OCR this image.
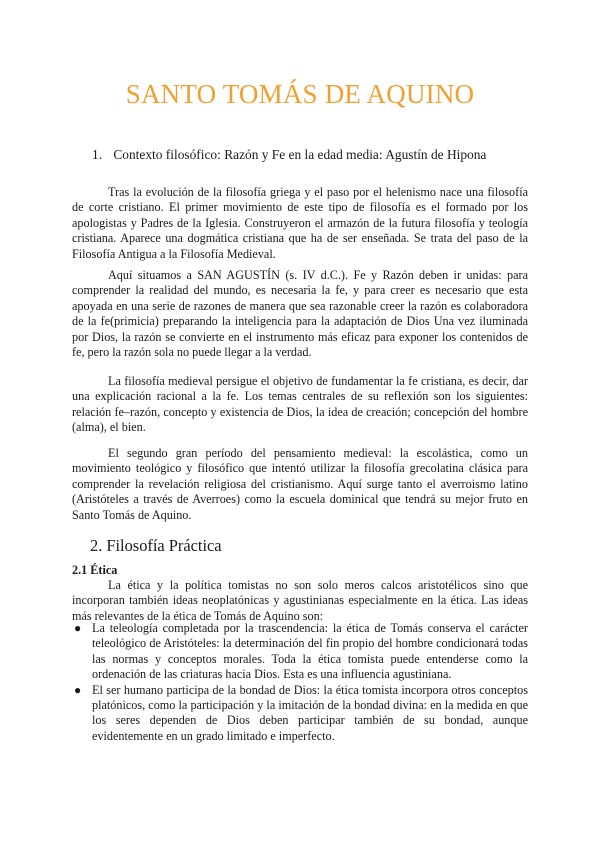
SANTO TOMÁS DE AQUINO
1. Contexto filosófico: Razón y Fe en la edad media: Agustín de Hipona

Tras la evolución de la filosofía griega y el paso por el helenismo nace una filosofía de corte cristiano. El primer movimiento de este tipo de filosofía es el formado por los apologistas y Padres de la Iglesia. Construyeron el armazón de la futura filosofía y teología cristiana. Aparece una dogmática cristiana que ha de ser enseñada. Se trata del paso de la Filosofía Antigua a la Filosofía Medieval.

Aquí situamos a SAN AGUSTÍN (s. IV d.C.). Fe y Razón deben ir unidas: para comprender la realidad del mundo, es necesaria la fe, y para creer es necesario que esta apoyada en una serie de razones de manera que sea razonable creer la razón es colaboradora de la fe(primicia) preparando la inteligencia para la adaptación de Dios Una vez iluminada por Dios, la razón se convierte en el instrumento más eficaz para exponer los contenidos de fe, pero la razón sola no puede llegar a la verdad.

La filosofía medieval persigue el objetivo de fundamentar la fe cristiana, es decir, dar una explicación racional a la fe. Los temas centrales de su reflexión son los siguientes: relación fe–razón, concepto y existencia de Dios, la idea de creación; concepción del hombre (alma), el bien.

El segundo gran período del pensamiento medieval: la escolástica, como un movimiento teológico y filosófico que intentó utilizar la filosofía grecolatina clásica para comprender la revelación religiosa del cristianismo. Aquí surge tanto el averroismo latino (Aristóteles a través de Averroes) como la escuela dominical que tendrá su mejor fruto en Santo Tomás de Aquino.

2. Filosofía Práctica
2.1 Ética

La ética y la política tomistas no son solo meros calcos aristotélicos sino que incorporan también ideas neoplatónicas y agustinianas especialmente en la ética. Las ideas más relevantes de la ética de Tomás de Aquino son:

● La teleología completada por la trascendencia: la ética de Tomás conserva el carácter teleológico de Aristóteles: la determinación del fin propio del hombre condicionará todas las normas y conceptos morales. Toda la ética tomista puede entenderse como la ordenación de las criaturas hacia Dios. Esta es una influencia agustiniana.
● El ser humano participa de la bondad de Dios: la ética tomista incorpora otros conceptos platónicos, como la participación y la imitación de la bondad divina: en la medida en que los seres dependen de Dios deben participar también de su bondad, aunque evidentemente en un grado limitado e imperfecto.
